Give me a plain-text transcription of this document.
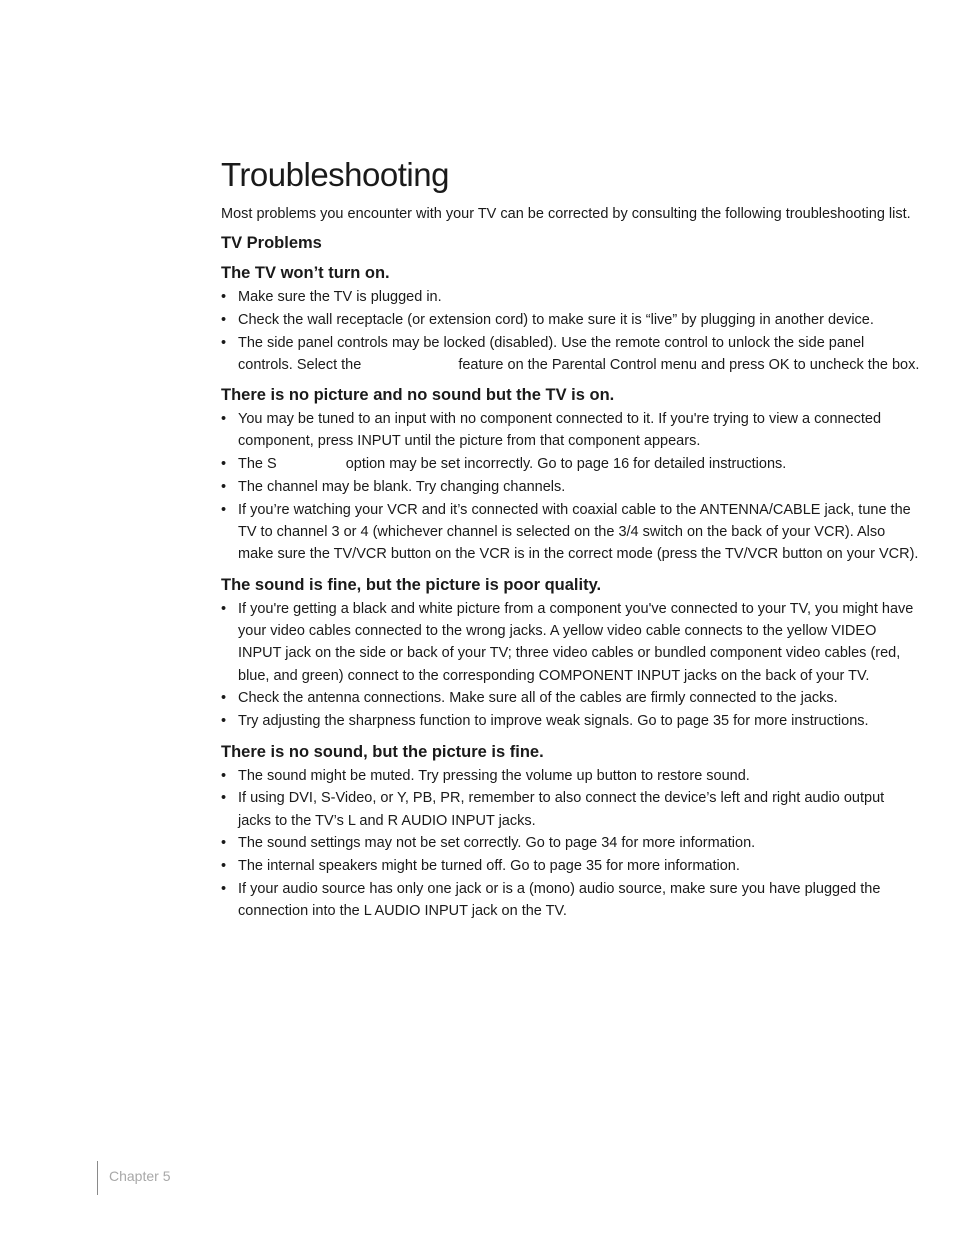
Troubleshooting

Most problems you encounter with your TV can be corrected by consulting the following troubleshooting list.

TV Problems
The TV won’t turn on.
• Make sure the TV is plugged in.
• Check the wall receptacle (or extension cord) to make sure it is “live” by plugging in another device.
• The side panel controls may be locked (disabled). Use the remote control to unlock the side panel controls. Select the	feature on the Parental Control menu and press OK to uncheck the box.
There is no picture and no sound but the TV is on.
• You may be tuned to an input with no component connected to it. If you're trying to view a connected component, press INPUT until the picture from that component appears.
• The S	option may be set incorrectly. Go to page 16 for detailed instructions.
• The channel may be blank. Try changing channels.
• If you’re watching your VCR and it’s connected with coaxial cable to the ANTENNA/CABLE jack, tune the TV to channel 3 or 4 (whichever channel is selected on the 3/4 switch on the back of your VCR). Also make sure the TV/VCR button on the VCR is in the correct mode (press the TV/VCR button on your VCR).
The sound is fine, but the picture is poor quality.
• If you're getting a black and white picture from a component you've connected to your TV, you might have your video cables connected to the wrong jacks. A yellow video cable connects to the yellow VIDEO INPUT jack on the side or back of your TV; three video cables or bundled component video cables (red, blue, and green) connect to the corresponding COMPONENT INPUT jacks on the back of your TV.
• Check the antenna connections. Make sure all of the cables are firmly connected to the jacks.
• Try adjusting the sharpness function to improve weak signals. Go to page 35 for more instructions.
There is no sound, but the picture is fine.
• The sound might be muted. Try pressing the volume up button to restore sound.
• If using DVI, S-Video, or Y, PB, PR, remember to also connect the device’s left and right audio output jacks to the TV’s L and R AUDIO INPUT jacks.
• The sound settings may not be set correctly. Go to page 34 for more information.
• The internal speakers might be turned off. Go to page 35 for more information.
• If your audio source has only one jack or is a (mono) audio source, make sure you have plugged the connection into the L AUDIO INPUT jack on the TV.
Chapter 5
